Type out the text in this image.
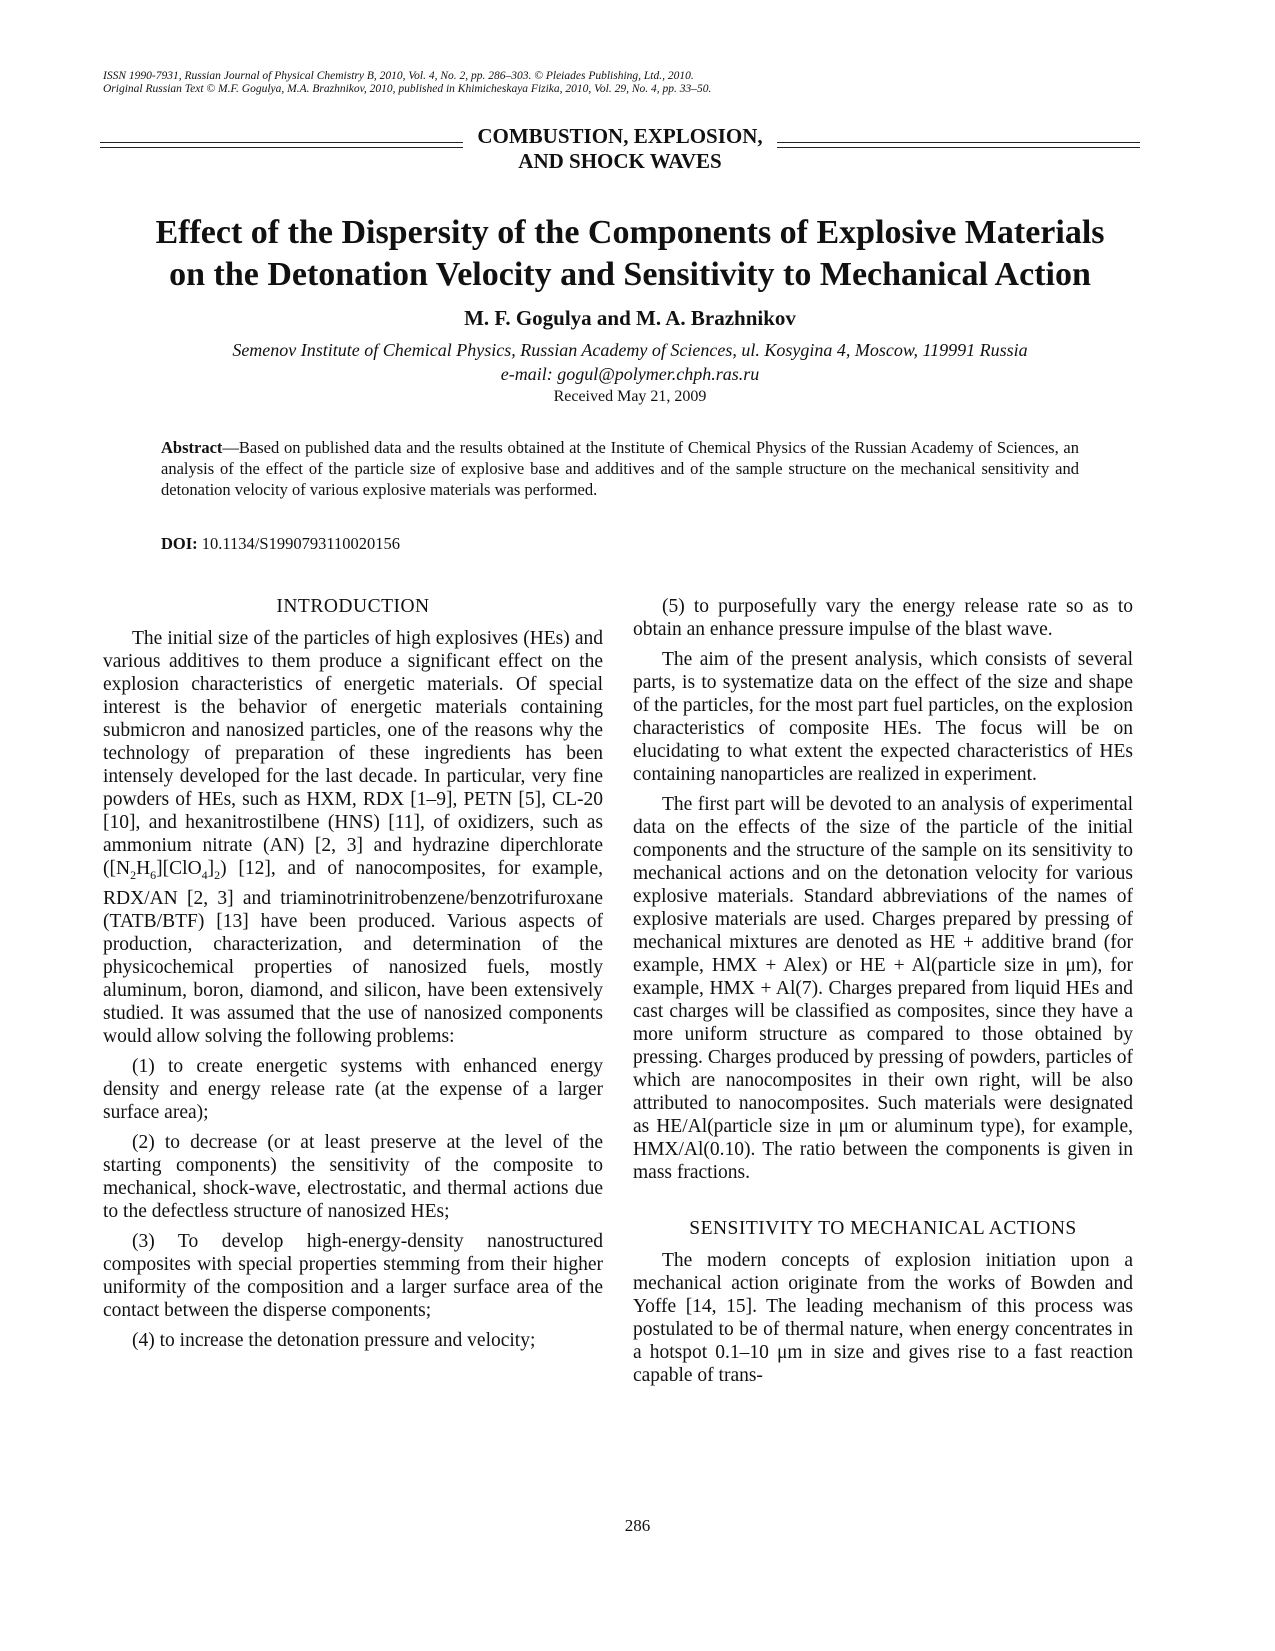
ISSN 1990-7931, Russian Journal of Physical Chemistry B, 2010, Vol. 4, No. 2, pp. 286–303. © Pleiades Publishing, Ltd., 2010.
Original Russian Text © M.F. Gogulya, M.A. Brazhnikov, 2010, published in Khimicheskaya Fizika, 2010, Vol. 29, No. 4, pp. 33–50.
COMBUSTION, EXPLOSION,
AND SHOCK WAVES
Effect of the Dispersity of the Components of Explosive Materials
on the Detonation Velocity and Sensitivity to Mechanical Action
M. F. Gogulya and M. A. Brazhnikov
Semenov Institute of Chemical Physics, Russian Academy of Sciences, ul. Kosygina 4, Moscow, 119991 Russia
e-mail: gogul@polymer.chph.ras.ru
Received May 21, 2009
Abstract—Based on published data and the results obtained at the Institute of Chemical Physics of the Russian Academy of Sciences, an analysis of the effect of the particle size of explosive base and additives and of the sample structure on the mechanical sensitivity and detonation velocity of various explosive materials was performed.
DOI: 10.1134/S1990793110020156
INTRODUCTION

The initial size of the particles of high explosives (HEs) and various additives to them produce a significant effect on the explosion characteristics of energetic materials. Of special interest is the behavior of energetic materials containing submicron and nanosized particles, one of the reasons why the technology of preparation of these ingredients has been intensely developed for the last decade. In particular, very fine powders of HEs, such as HXM, RDX [1–9], PETN [5], CL-20 [10], and hexanitrostilbene (HNS) [11], of oxidizers, such as ammonium nitrate (AN) [2, 3] and hydrazine diperchlorate $([N_2H_6][ClO_4]_2)$ [12], and of nanocomposites, for example, RDX/AN [2, 3] and triaminotrinitrobenzene/benzotrifuroxane (TATB/BTF) [13] have been produced. Various aspects of production, characterization, and determination of the physicochemical properties of nanosized fuels, mostly aluminum, boron, diamond, and silicon, have been extensively studied. It was assumed that the use of nanosized components would allow solving the following problems:

(1) to create energetic systems with enhanced energy density and energy release rate (at the expense of a larger surface area);

(2) to decrease (or at least preserve at the level of the starting components) the sensitivity of the composite to mechanical, shock-wave, electrostatic, and thermal actions due to the defectless structure of nanosized HEs;

(3) To develop high-energy-density nanostructured composites with special properties stemming from their higher uniformity of the composition and a larger surface area of the contact between the disperse components;

(4) to increase the detonation pressure and velocity;

(5) to purposefully vary the energy release rate so as to obtain an enhance pressure impulse of the blast wave.

The aim of the present analysis, which consists of several parts, is to systematize data on the effect of the size and shape of the particles, for the most part fuel particles, on the explosion characteristics of composite HEs. The focus will be on elucidating to what extent the expected characteristics of HEs containing nanoparticles are realized in experiment.

The first part will be devoted to an analysis of experimental data on the effects of the size of the particle of the initial components and the structure of the sample on its sensitivity to mechanical actions and on the detonation velocity for various explosive materials. Standard abbreviations of the names of explosive materials are used. Charges prepared by pressing of mechanical mixtures are denoted as HE + additive brand (for example, HMX + Alex) or HE + Al(particle size in μm), for example, HMX + Al(7). Charges prepared from liquid HEs and cast charges will be classified as composites, since they have a more uniform structure as compared to those obtained by pressing. Charges produced by pressing of powders, particles of which are nanocomposites in their own right, will be also attributed to nanocomposites. Such materials were designated as HE/Al(particle size in μm or aluminum type), for example, HMX/Al(0.10). The ratio between the components is given in mass fractions.

SENSITIVITY TO MECHANICAL ACTIONS

The modern concepts of explosion initiation upon a mechanical action originate from the works of Bowden and Yoffe [14, 15]. The leading mechanism of this process was postulated to be of thermal nature, when energy concentrates in a hotspot 0.1–10 μm in size and gives rise to a fast reaction capable of trans-

286
